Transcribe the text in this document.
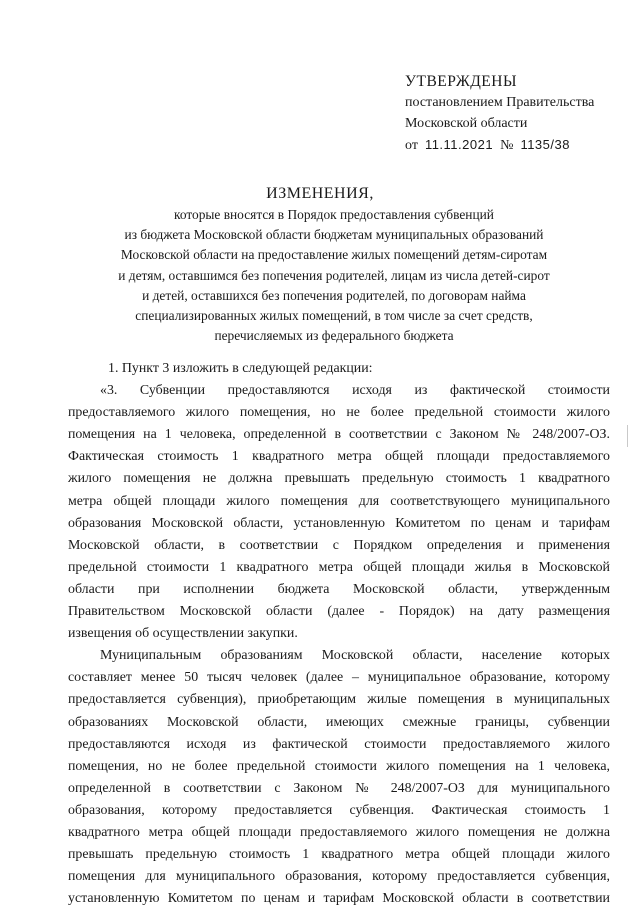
УТВЕРЖДЕНЫ
постановлением Правительства
Московской области
от 11.11.2021 № 1135/38
ИЗМЕНЕНИЯ,
которые вносятся в Порядок предоставления субвенций
из бюджета Московской области бюджетам муниципальных образований
Московской области на предоставление жилых помещений детям-сиротам
и детям, оставшимся без попечения родителей, лицам из числа детей-сирот
и детей, оставшихся без попечения родителей, по договорам найма
специализированных жилых помещений, в том числе за счет средств,
перечисляемых из федерального бюджета
1. Пункт 3 изложить в следующей редакции:
«3. Субвенции предоставляются исходя из фактической стоимости
предоставляемого жилого помещения, но не более предельной стоимости жилого
помещения на 1 человека, определенной в соответствии с Законом № 248/2007-ОЗ.
Фактическая стоимость 1 квадратного метра общей площади предоставляемого
жилого помещения не должна превышать предельную стоимость 1 квадратного
метра общей площади жилого помещения для соответствующего муниципального
образования Московской области, установленную Комитетом по ценам и тарифам
Московской области, в соответствии с Порядком определения и применения
предельной стоимости 1 квадратного метра общей площади жилья в Московской
области при исполнении бюджета Московской области, утвержденным
Правительством Московской области (далее - Порядок) на дату размещения
извещения об осуществлении закупки.
Муниципальным образованиям Московской области, население которых
составляет менее 50 тысяч человек (далее – муниципальное образование, которому
предоставляется субвенция), приобретающим жилые помещения в муниципальных
образованиях Московской области, имеющих смежные границы, субвенции
предоставляются исходя из фактической стоимости предоставляемого жилого
помещения, но не более предельной стоимости жилого помещения на 1 человека,
определенной в соответствии с Законом № 248/2007-ОЗ для муниципального
образования, которому предоставляется субвенция. Фактическая стоимость 1
квадратного метра общей площади предоставляемого жилого помещения не должна
превышать предельную стоимость 1 квадратного метра общей площади жилого
помещения для муниципального образования, которому предоставляется субвенция,
установленную Комитетом по ценам и тарифам Московской области в соответствии
